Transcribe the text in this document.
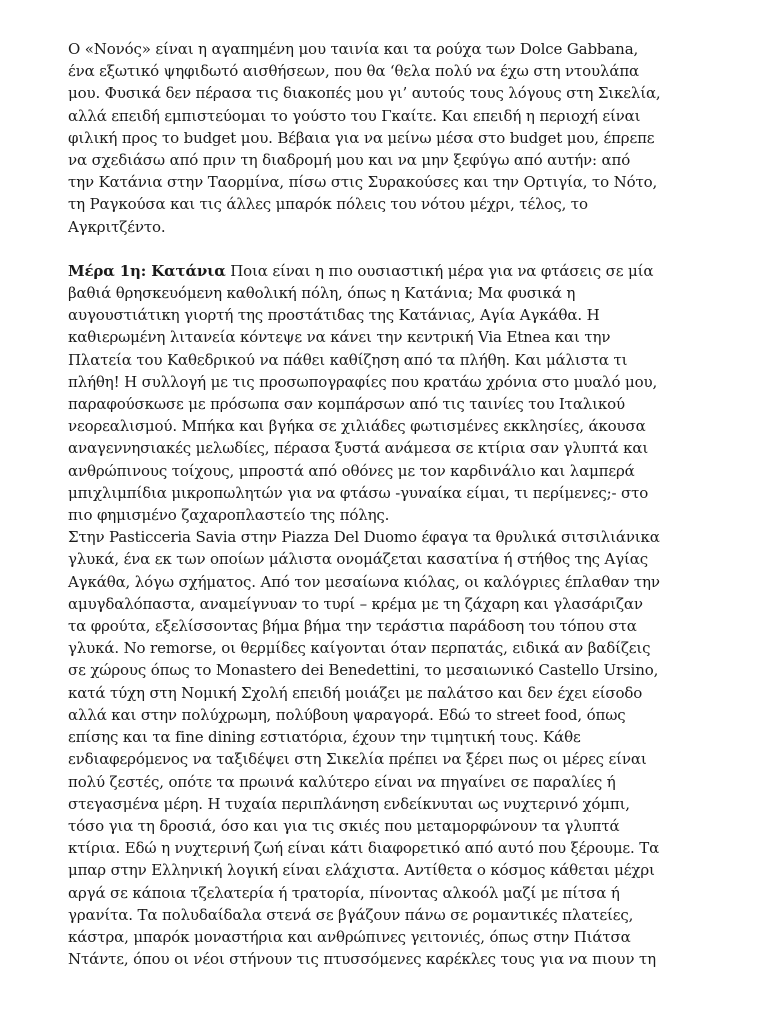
Ο «Νονός» είναι η αγαπημένη μου ταινία και τα ρούχα των Dolce Gabbana,
ένα εξωτικό ψηφιδωτό αισθήσεων, που θα ‘θελα πολύ να έχω στη ντουλάπα
μου. Φυσικά δεν πέρασα τις διακοπές μου γι’ αυτούς τους λόγους στη Σικελία,
αλλά επειδή εμπιστεύομαι το γούστο του Γκαίτε. Και επειδή η περιοχή είναι
φιλική προς το budget μου. Βέβαια για να μείνω μέσα στο budget μου, έπρεπε
να σχεδιάσω από πριν τη διαδρομή μου και να μην ξεφύγω από αυτήν: από
την Κατάνια στην Ταορμίνα, πίσω στις Συρακούσες και την Ορτιγία, το Νότο,
τη Ραγκούσα και τις άλλες μπαρόκ πόλεις του νότου μέχρι, τέλος, το
Αγκριτζέντο.

Μέρα 1η: Κατάνια Ποια είναι η πιο ουσιαστική μέρα για να φτάσεις σε μία
βαθιά θρησκευόμενη καθολική πόλη, όπως η Κατάνια; Μα φυσικά η
αυγουστιάτικη γιορτή της προστάτιδας της Κατάνιας, Αγία Αγκάθα. Η
καθιερωμένη λιτανεία κόντεψε να κάνει την κεντρική Via Etnea και την
Πλατεία του Καθεδρικού να πάθει καθίζηση από τα πλήθη. Και μάλιστα τι
πλήθη! Η συλλογή με τις προσωπογραφίες που κρατάω χρόνια στο μυαλό μου,
παραφούσκωσε με πρόσωπα σαν κομπάρσων από τις ταινίες του Ιταλικού
νεορεαλισμού. Μπήκα και βγήκα σε χιλιάδες φωτισμένες εκκλησίες, άκουσα
αναγεννησιακές μελωδίες, πέρασα ξυστά ανάμεσα σε κτίρια σαν γλυπτά και
ανθρώπινους τοίχους, μπροστά από οθόνες με τον καρδινάλιο και λαμπερά
μπιχλιμπίδια μικροπωλητών για να φτάσω -γυναίκα είμαι, τι περίμενες;- στο
πιο φημισμένο ζαχαροπλαστείο της πόλης.

Στην Pasticceria Savia στην Piazza Del Duomo έφαγα τα θρυλικά σιτσιλιάνικα
γλυκά, ένα εκ των οποίων μάλιστα ονομάζεται κασατίνα ή στήθος της Αγίας
Αγκάθα, λόγω σχήματος. Από τον μεσαίωνα κιόλας, οι καλόγριες έπλαθαν την
αμυγδαλόπαστα, αναμείγνυαν το τυρί – κρέμα με τη ζάχαρη και γλασάριζαν
τα φρούτα, εξελίσσοντας βήμα βήμα την τεράστια παράδοση του τόπου στα
γλυκά. No remorse, οι θερμίδες καίγονται όταν περπατάς, ειδικά αν βαδίζεις
σε χώρους όπως το Monastero dei Benedettini, το μεσαιωνικό Castello Ursino,
κατά τύχη στη Νομική Σχολή επειδή μοιάζει με παλάτσο και δεν έχει είσοδο
αλλά και στην πολύχρωμη, πολύβουη ψαραγορά. Εδώ το street food, όπως
επίσης και τα fine dining εστιατόρια, έχουν την τιμητική τους. Κάθε
ενδιαφερόμενος να ταξιδέψει στη Σικελία πρέπει να ξέρει πως οι μέρες είναι
πολύ ζεστές, οπότε τα πρωινά καλύτερο είναι να πηγαίνει σε παραλίες ή
στεγασμένα μέρη. Η τυχαία περιπλάνηση ενδείκνυται ως νυχτερινό χόμπι,
τόσο για τη δροσιά, όσο και για τις σκιές που μεταμορφώνουν τα γλυπτά
κτίρια. Εδώ η νυχτερινή ζωή είναι κάτι διαφορετικό από αυτό που ξέρουμε. Τα
μπαρ στην Ελληνική λογική είναι ελάχιστα. Αντίθετα ο κόσμος κάθεται μέχρι
αργά σε κάποια τζελατερία ή τρατορία, πίνοντας αλκοόλ μαζί με πίτσα ή
γρανίτα. Τα πολυδαίδαλα στενά σε βγάζουν πάνω σε ρομαντικές πλατείες,
κάστρα, μπαρόκ μοναστήρια και ανθρώπινες γειτονιές, όπως στην Πιάτσα
Ντάντε, όπου οι νέοι στήνουν τις πτυσσόμενες καρέκλες τους για να πιουν τη
